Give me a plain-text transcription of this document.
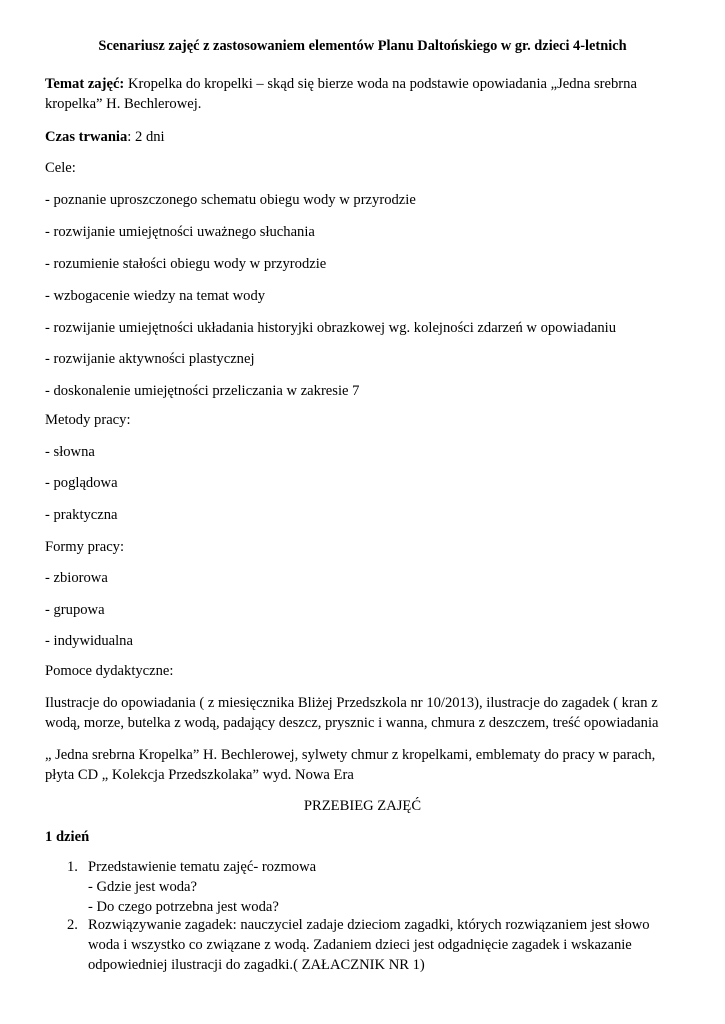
Scenariusz zajęć z zastosowaniem elementów Planu Daltońskiego w gr. dzieci 4-letnich
Temat zajęć: Kropelka do kropelki – skąd się bierze woda na podstawie opowiadania „Jedna srebrna
kropelka” H. Bechlerowej.
Czas trwania: 2 dni
Cele:
- poznanie uproszczonego schematu obiegu wody w przyrodzie
- rozwijanie umiejętności uważnego słuchania
- rozumienie stałości obiegu wody w przyrodzie
- wzbogacenie wiedzy na temat wody
- rozwijanie umiejętności układania historyjki obrazkowej wg. kolejności zdarzeń w opowiadaniu
- rozwijanie aktywności plastycznej
- doskonalenie umiejętności przeliczania w zakresie 7
Metody pracy:
- słowna
- poglądowa
- praktyczna
Formy pracy:
- zbiorowa
- grupowa
- indywidualna
Pomoce dydaktyczne:
Ilustracje do opowiadania ( z miesięcznika Bliżej Przedszkola nr 10/2013), ilustracje do zagadek ( kran z
wodą, morze, butelka z wodą, padający deszcz, prysznic i wanna, chmura z deszczem, treść opowiadania
„ Jedna srebrna Kropelka” H. Bechlerowej, sylwety chmur z kropelkami, emblematy do pracy w parach,
płyta CD „ Kolekcja Przedszkolaka” wyd. Nowa Era
PRZEBIEG ZAJĘĆ
1 dzień
1. Przedstawienie tematu zajęć- rozmowa
- Gdzie jest woda?
- Do czego potrzebna jest woda?
2. Rozwiązywanie zagadek: nauczyciel zadaje dzieciom zagadki, których rozwiązaniem jest słowo
woda i wszystko co związane z wodą. Zadaniem dzieci jest odgadnięcie zagadek i wskazanie
odpowiedniej ilustracji do zagadki.( ZAŁACZNIK NR 1)
